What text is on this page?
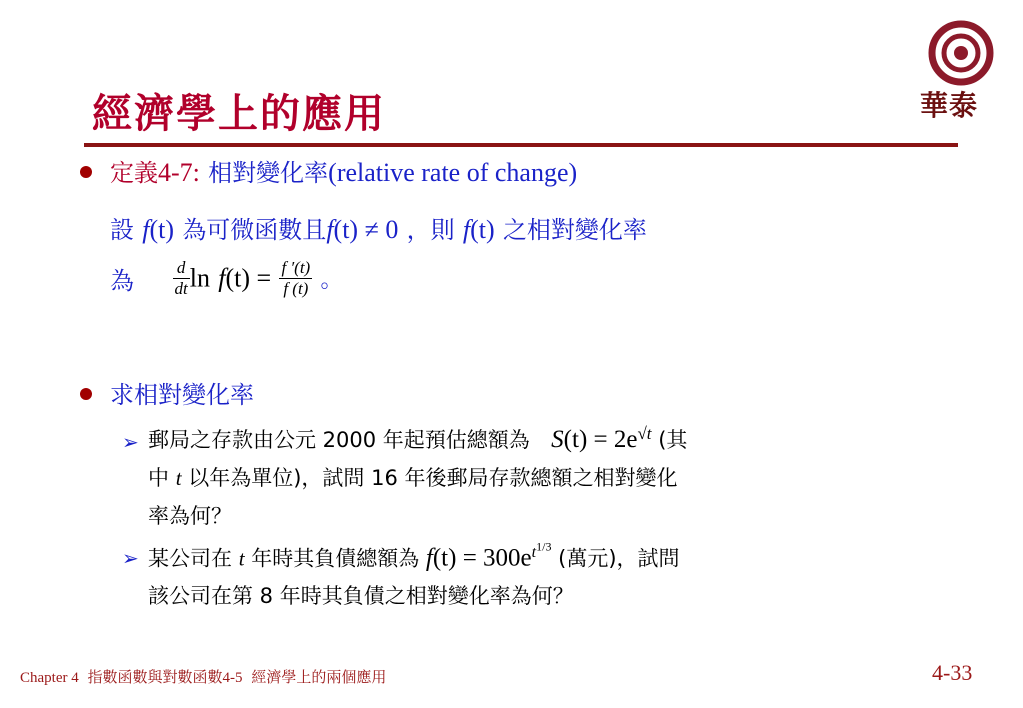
經濟學上的應用	華泰
定義4-7: 相對變化率(relative rate of change)
設 f(t) 為可微函數且f(t) ≠ 0 ，則 f(t) 之相對變化率
為 $\frac{d}{dt}$ $\ln f(t) = \frac{f '(t)}{f (t)}$ 。
求相對變化率
➢ 郵局之存款由公元 2000 年起預估總額為 $S(t) = 2e^{√t}$ (其
中 t 以年為單位)，試問 16 年後郵局存款總額之相對變化
率為何？
➢ 某公司在 t 年時其負債總額為 $f(t) = 300e^{t^{1/3}}$ (萬元)，試問
該公司在第 8 年時其負債之相對變化率為何？
Chapter 4 指數函數與對數函數4-5 經濟學上的兩個應用	4-33
